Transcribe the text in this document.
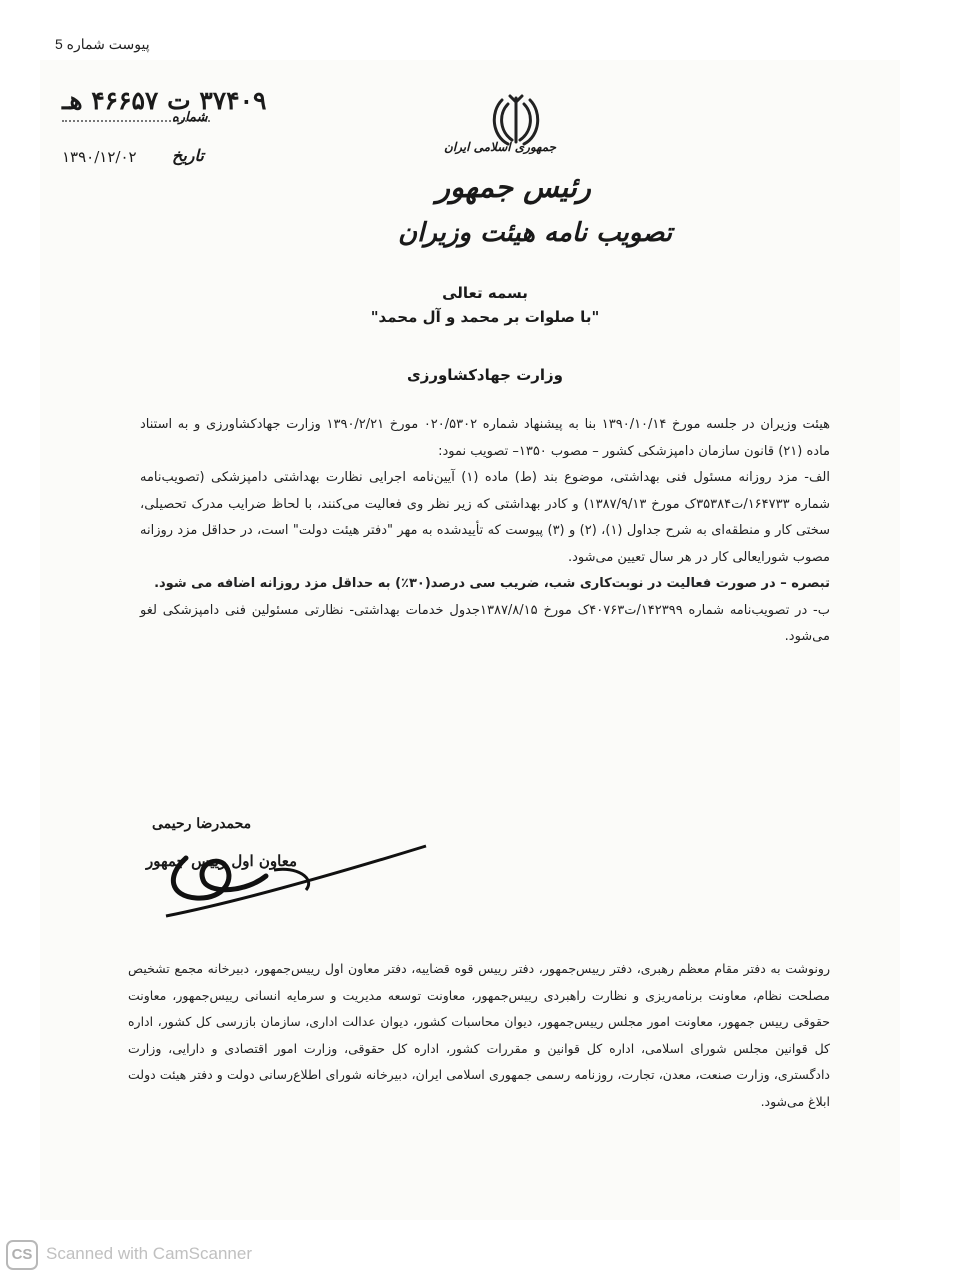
پیوست شماره 5
۳۷۴۰۹ ت ۴۶۶۵۷ هـ
شماره
۱۳۹۰/۱۲/۰۲	تاریخ	جمهوری اسلامی ایران
رئیس جمهور
تصویب نامه هیئت وزیران
بسمه تعالی
"با صلوات بر محمد و آل محمد"
وزارت جهادکشاورزی

هیئت وزیران در جلسه مورخ ۱۳۹۰/۱۰/۱۴ بنا به پیشنهاد شماره ۰۲۰/۵۳۰۲ مورخ ۱۳۹۰/۲/۲۱ وزارت جهادکشاورزی و به استناد ماده (۲۱) قانون سازمان دامپزشکی کشور – مصوب ۱۳۵۰– تصویب نمود:

الف- مزد روزانه مسئول فنی بهداشتی، موضوع بند (ط) ماده (۱) آیین‌نامه اجرایی نظارت بهداشتی دامپزشکی (تصویب‌نامه شماره ۱۶۴۷۳۳/ت۳۵۳۸۴ک مورخ ۱۳۸۷/۹/۱۳) و کادر بهداشتی که زیر نظر وی فعالیت می‌کنند، با لحاظ ضرایب مدرک تحصیلی، سختی کار و منطقه‌ای به شرح جداول (۱)، (۲) و (۳) پیوست که تأییدشده به مهر "دفتر هیئت دولت" است، در حداقل مزد روزانه مصوب شورایعالی کار در هر سال تعیین می‌شود.

تبصره – در صورت فعالیت در نوبت‌کاری شب، ضریب سی درصد(۳۰٪) به حداقل مزد روزانه اضافه می شود.

ب- در تصویب‌نامه شماره ۱۴۲۳۹۹/ت۴۰۷۶۳ک مورخ ۱۳۸۷/۸/۱۵جدول خدمات بهداشتی- نظارتی مسئولین فنی دامپزشکی لغو می‌شود.

محمدرضا رحیمی
معاون اول رییس جمهور
رونوشت به دفتر مقام معظم رهبری، دفتر رییس‌جمهور، دفتر رییس قوه قضاییه، دفتر معاون اول رییس‌جمهور، دبیرخانه مجمع تشخیص مصلحت نظام، معاونت برنامه‌ریزی و نظارت راهبردی رییس‌جمهور، معاونت توسعه مدیریت و سرمایه انسانی رییس‌جمهور، معاونت حقوقی رییس جمهور، معاونت امور مجلس رییس‌جمهور، دیوان محاسبات کشور، دیوان عدالت اداری، سازمان بازرسی کل کشور، اداره کل قوانین مجلس شورای اسلامی، اداره کل قوانین و مقررات کشور، اداره کل حقوقی، وزارت امور اقتصادی و دارایی، وزارت دادگستری، وزارت صنعت، معدن، تجارت، روزنامه رسمی جمهوری اسلامی ایران، دبیرخانه شورای اطلاع‌رسانی دولت و دفتر هیئت دولت ابلاغ می‌شود.
CS Scanned with CamScanner
